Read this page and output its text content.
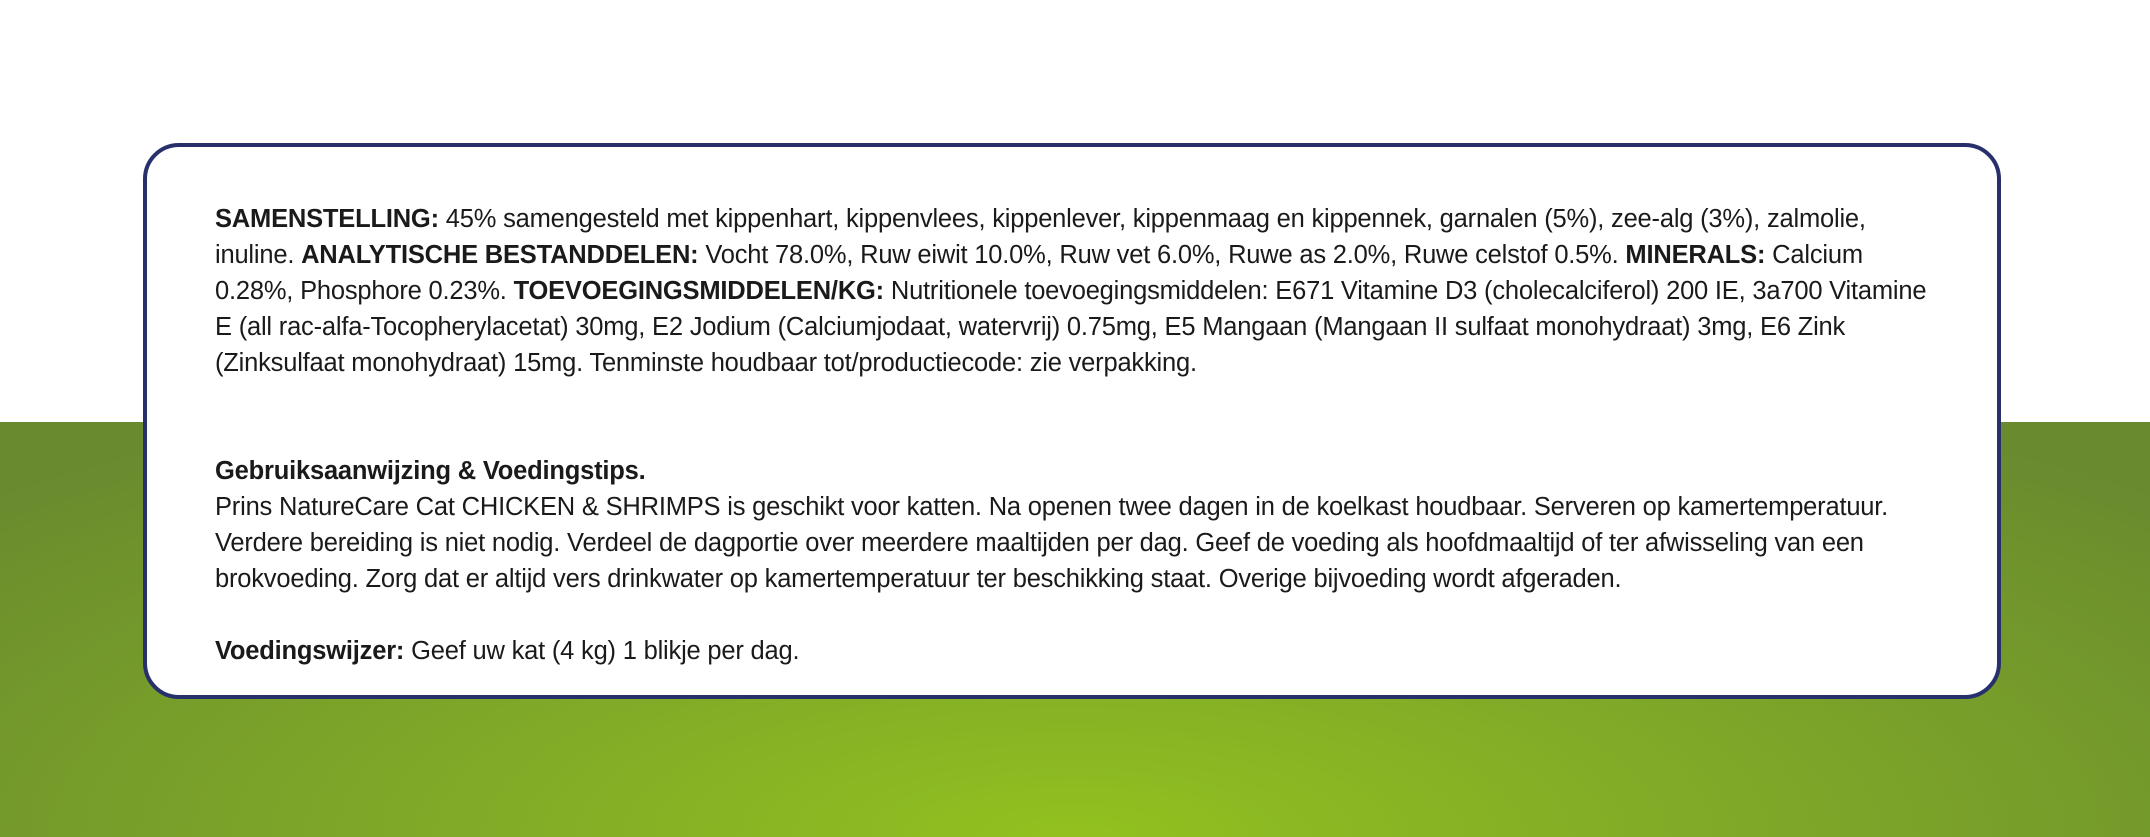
SAMENSTELLING: 45% samengesteld met kippenhart, kippenvlees, kippenlever, kippenmaag en kippennek, garnalen (5%), zee-alg (3%), zalmolie, inuline. ANALYTISCHE BESTANDDELEN: Vocht 78.0%, Ruw eiwit 10.0%, Ruw vet 6.0%, Ruwe as 2.0%, Ruwe celstof 0.5%. MINERALS: Calcium 0.28%, Phosphore 0.23%. TOEVOEGINGSMIDDELEN/KG: Nutritionele toevoegingsmiddelen: E671 Vitamine D3 (cholecalciferol) 200 IE, 3a700 Vitamine E (all rac-alfa-Tocopherylacetat) 30mg, E2 Jodium (Calciumjodaat, watervrij) 0.75mg, E5 Mangaan (Mangaan II sulfaat monohydraat) 3mg, E6 Zink (Zinksulfaat monohydraat) 15mg. Tenminste houdbaar tot/productiecode: zie verpakking.

Gebruiksaanwijzing & Voedingstips.

Prins NatureCare Cat CHICKEN & SHRIMPS is geschikt voor katten. Na openen twee dagen in de koelkast houdbaar. Serveren op kamertemperatuur. Verdere bereiding is niet nodig. Verdeel de dagportie over meerdere maaltijden per dag. Geef de voeding als hoofdmaaltijd of ter afwisseling van een brokvoeding. Zorg dat er altijd vers drinkwater op kamertemperatuur ter beschikking staat. Overige bijvoeding wordt afgeraden.

Voedingswijzer: Geef uw kat (4 kg) 1 blikje per dag.
